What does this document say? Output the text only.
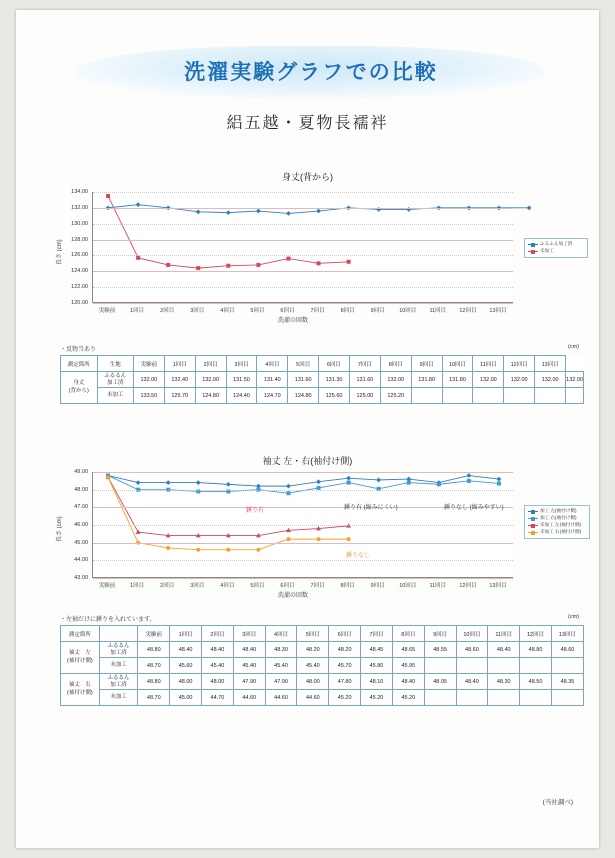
洗濯実験グラフでの比較
絽五越・夏物長襦袢
身丈(背から)
長さ (cm)
洗濯の回数
120.00
122.00
124.00
126.00
128.00
130.00
132.00
134.00
実験前	1回目	2回目	3回目	4回目	5回目	6回目	7回目	8回目	9回目	10回目	11回目	12回目	13回目
ふるふる加工済
未加工
・反物当あり	(cm)
測定箇所	生地	実験前	1回目	2回目	3回目	4回目	5回目	6回目	7回目	8回目	9回目	10回目	11回目	12回目	13回目	
身丈
(背から)	ふるるん
加工済	132.00	132.40	132.00	131.50	131.40	131.60	131.30	131.60	132.00	131.80	131.80	132.00	132.00	132.00	132.00
	未加工	133.50	125.70	124.80	124.40	124.70	124.80	125.60	125.00	125.20						
袖丈 左・右(袖付け側)
長さ (cm)
洗濯の回数
43.00
44.00
45.00
46.00
47.00
48.00
49.00
実験前	1回目	2回目	3回目	4回目	5回目	6回目	7回目	8回目	9回目	10回目	11回目	12回目	13回目
加工 左(袖付け側)
加工 右(袖付け側)
未加工 左(袖付け側)
未加工 右(袖付け側)
錘り有	錘り有 (縮みにくい)	錘りなし (縮みやすい)
錘りなし
・左袖だけに錘りを入れています。	(cm)
測定箇所		実験前	1回目	2回目	3回目	4回目	5回目	6回目	7回目	8回目	9回目	10回目	11回目	12回目	13回目
袖丈　左
(袖付け側)	ふるるん
加工済	48.80	48.40	48.40	48.40	48.30	48.20	48.20	48.45	48.65	48.55	48.60	48.40	48.80	48.60
	未加工	48.70	45.60	45.40	45.40	45.40	45.40	45.70	45.80	45.95					
袖丈　右
(袖付け側)	ふるるん
加工済	48.80	48.00	48.00	47.90	47.90	48.00	47.80	48.10	48.40	48.05	48.40	48.30	48.50	48.35
	未加工	48.70	45.00	44.70	44.60	44.60	44.60	45.20	45.20	45.20					
(当社調べ)
